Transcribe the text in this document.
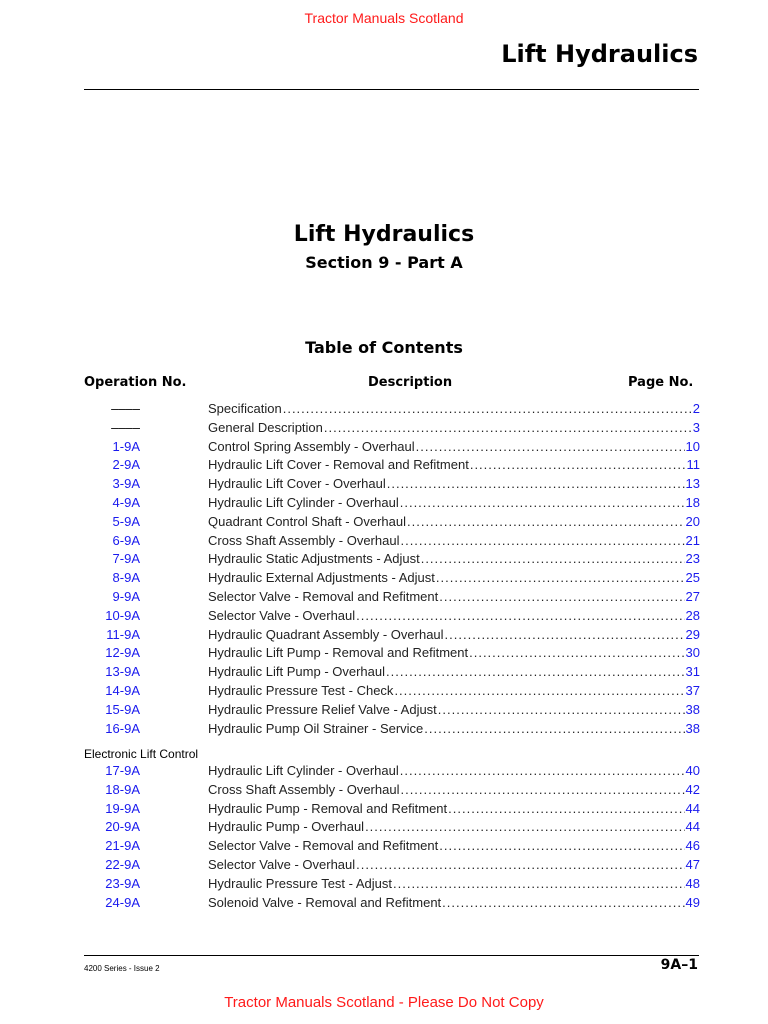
Tractor Manuals Scotland
Lift Hydraulics
Lift Hydraulics
Section 9 - Part A
Table of Contents
Operation No.	Description	Page No.
––––	Specification .....	2
––––	General Description .....	3
1-9A	Control Spring Assembly - Overhaul .....	10
2-9A	Hydraulic Lift Cover - Removal and Refitment .....	11
3-9A	Hydraulic Lift Cover - Overhaul .....	13
4-9A	Hydraulic Lift Cylinder - Overhaul .....	18
5-9A	Quadrant Control Shaft - Overhaul .....	20
6-9A	Cross Shaft Assembly - Overhaul .....	21
7-9A	Hydraulic Static Adjustments - Adjust .....	23
8-9A	Hydraulic External Adjustments - Adjust .....	25
9-9A	Selector Valve - Removal and Refitment .....	27
10-9A	Selector Valve - Overhaul .....	28
11-9A	Hydraulic Quadrant Assembly - Overhaul .....	29
12-9A	Hydraulic Lift Pump - Removal and Refitment .....	30
13-9A	Hydraulic Lift Pump - Overhaul .....	31
14-9A	Hydraulic Pressure Test - Check .....	37
15-9A	Hydraulic Pressure Relief Valve - Adjust .....	38
16-9A	Hydraulic Pump Oil Strainer - Service .....	38
Electronic Lift Control
17-9A	Hydraulic Lift Cylinder - Overhaul .....	40
18-9A	Cross Shaft Assembly - Overhaul .....	42
19-9A	Hydraulic Pump - Removal and Refitment .....	44
20-9A	Hydraulic Pump - Overhaul .....	44
21-9A	Selector Valve - Removal and Refitment .....	46
22-9A	Selector Valve - Overhaul .....	47
23-9A	Hydraulic Pressure Test - Adjust .....	48
24-9A	Solenoid Valve - Removal and Refitment .....	49
4200 Series - Issue 2	9A–1
Tractor Manuals Scotland - Please Do Not Copy
